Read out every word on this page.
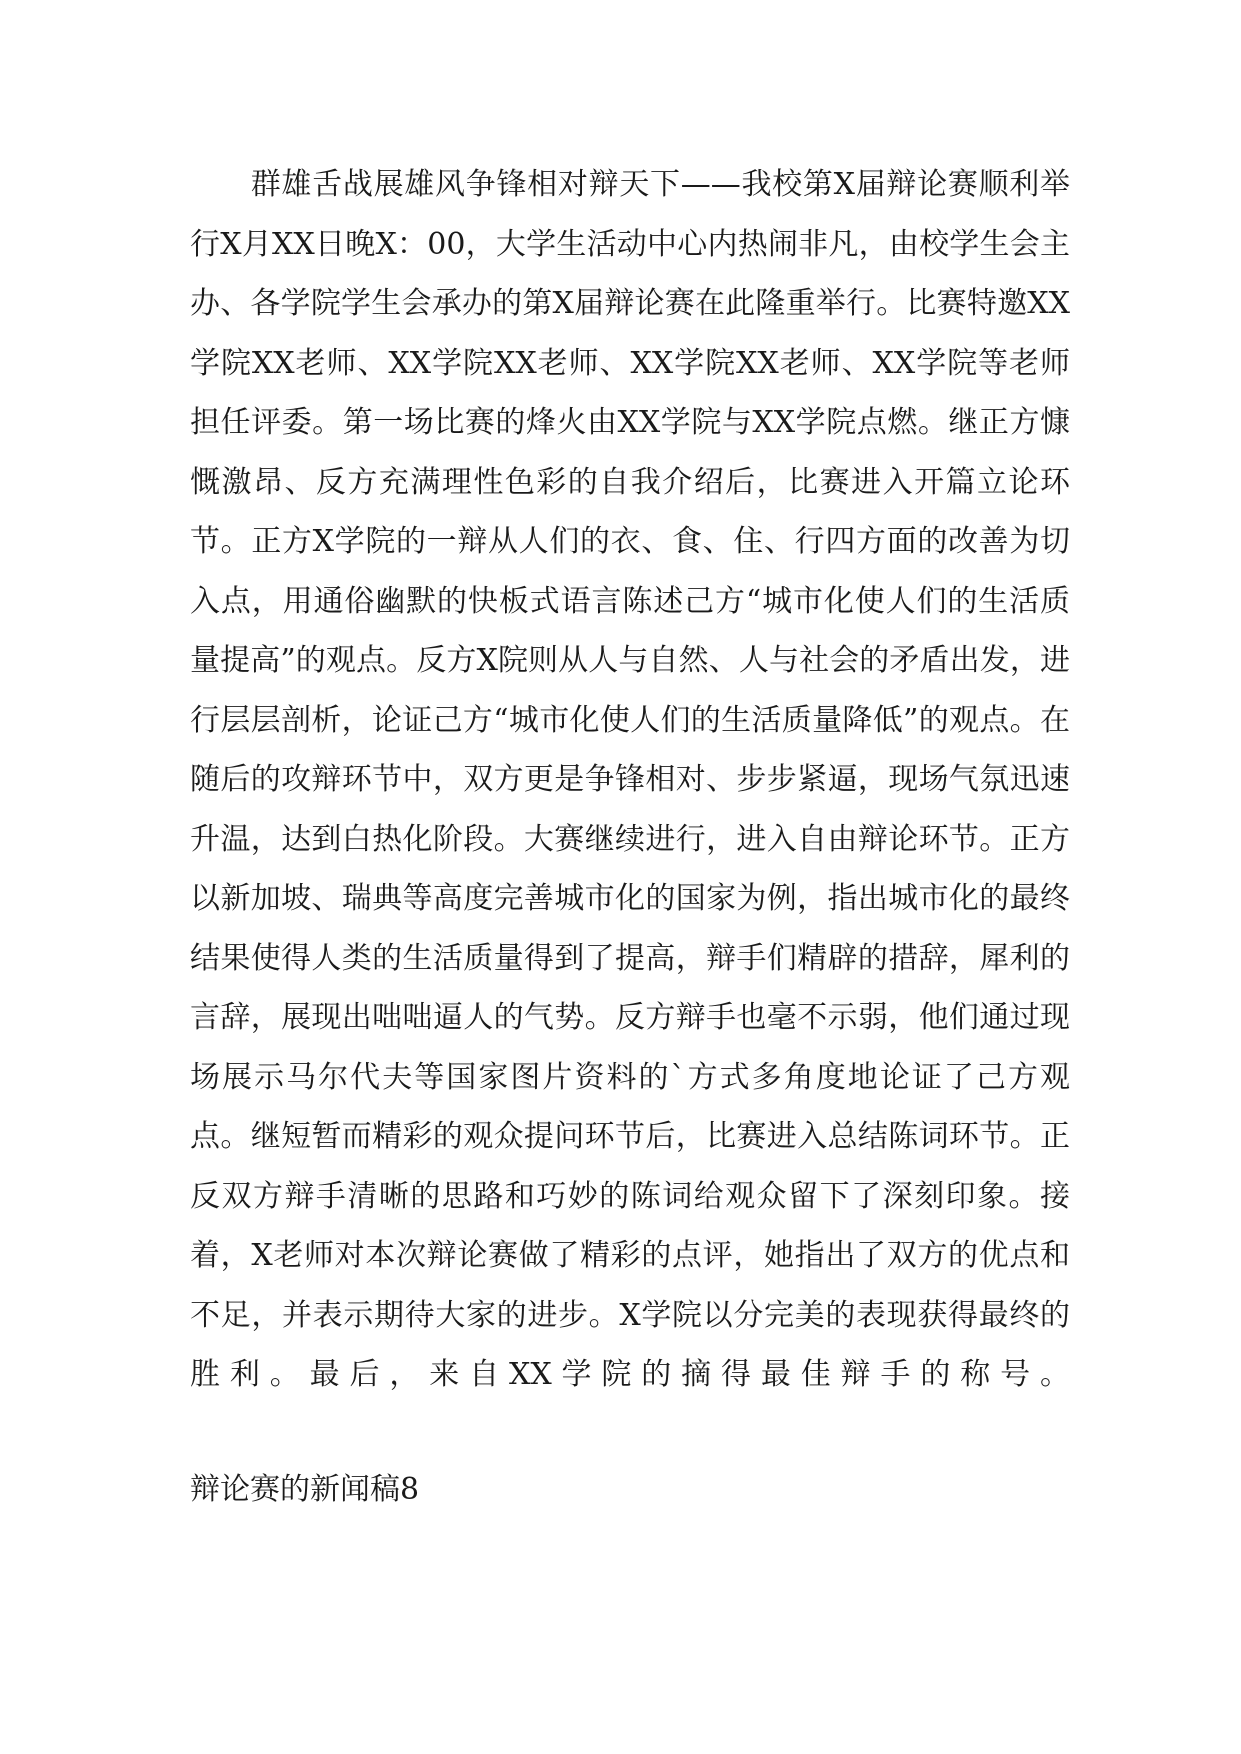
群雄舌战展雄风争锋相对辩天下——我校第X届辩论赛顺利举行X月XX日晚X：00，大学生活动中心内热闹非凡，由校学生会主办、各学院学生会承办的第X届辩论赛在此隆重举行。比赛特邀XX学院XX老师、XX学院XX老师、XX学院XX老师、XX学院等老师担任评委。第一场比赛的烽火由XX学院与XX学院点燃。继正方慷慨激昂、反方充满理性色彩的自我介绍后，比赛进入开篇立论环节。正方X学院的一辩从人们的衣、食、住、行四方面的改善为切入点，用通俗幽默的快板式语言陈述己方“城市化使人们的生活质量提高”的观点。反方X院则从人与自然、人与社会的矛盾出发，进行层层剖析，论证己方“城市化使人们的生活质量降低”的观点。在随后的攻辩环节中，双方更是争锋相对、步步紧逼，现场气氛迅速升温，达到白热化阶段。大赛继续进行，进入自由辩论环节。正方以新加坡、瑞典等高度完善城市化的国家为例，指出城市化的最终结果使得人类的生活质量得到了提高，辩手们精辟的措辞，犀利的言辞，展现出咄咄逼人的气势。反方辩手也毫不示弱，他们通过现场展示马尔代夫等国家图片资料的`方式多角度地论证了己方观点。继短暂而精彩的观众提问环节后，比赛进入总结陈词环节。正反双方辩手清晰的思路和巧妙的陈词给观众留下了深刻印象。接着，X老师对本次辩论赛做了精彩的点评，她指出了双方的优点和不足，并表示期待大家的进步。X学院以分完美的表现获得最终的胜利。最后，来自XX学院的摘得最佳辩手的称号。

辩论赛的新闻稿8
